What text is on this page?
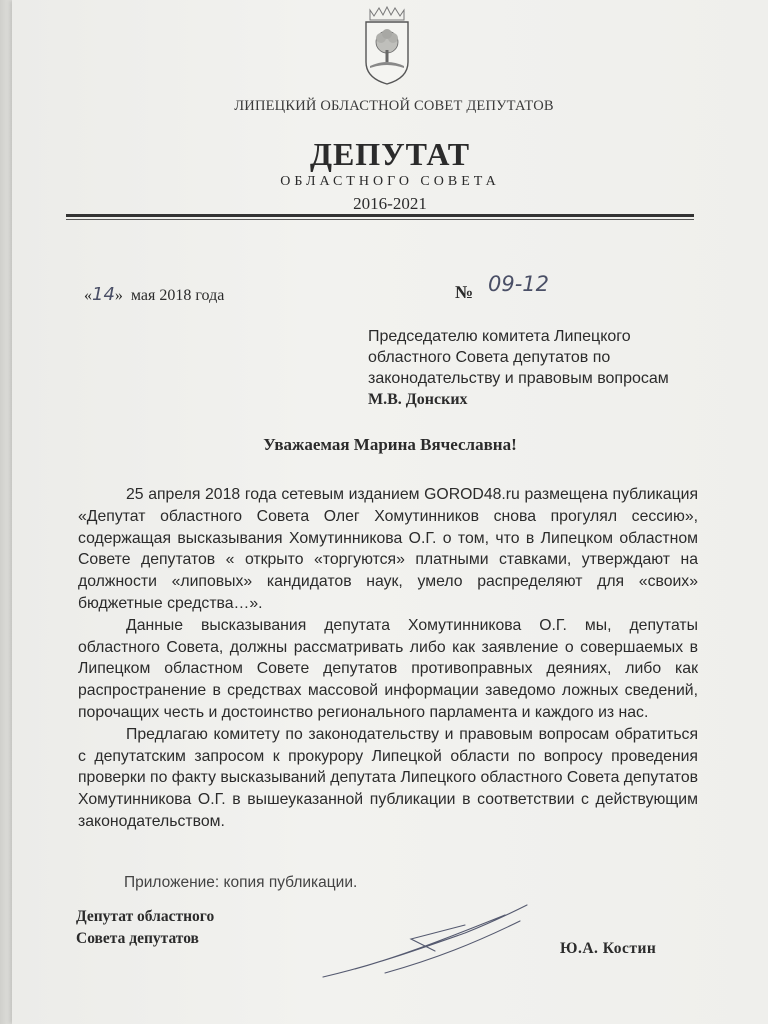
ЛИПЕЦКИЙ ОБЛАСТНОЙ СОВЕТ ДЕПУТАТОВ
ДЕПУТАТ
ОБЛАСТНОГО СОВЕТА
2016-2021
«14» мая 2018 года	№ 09-12
Председателю комитета Липецкого
областного Совета депутатов по
законодательству и правовым вопросам
М.В. Донских
Уважаемая Марина Вячеславна!

25 апреля 2018 года сетевым изданием GOROD48.ru размещена публикация «Депутат областного Совета Олег Хомутинников снова прогулял сессию», содержащая высказывания Хомутинникова О.Г. о том, что в Липецком областном Совете депутатов « открыто «торгуются» платными ставками, утверждают на должности «липовых» кандидатов наук, умело распределяют для «своих» бюджетные средства…».

Данные высказывания депутата Хомутинникова О.Г. мы, депутаты областного Совета, должны рассматривать либо как заявление о совершаемых в Липецком областном Совете депутатов противоправных деяниях, либо как распространение в средствах массовой информации заведомо ложных сведений, порочащих честь и достоинство регионального парламента и каждого из нас.

Предлагаю комитету по законодательству и правовым вопросам обратиться с депутатским запросом к прокурору Липецкой области по вопросу проведения проверки по факту высказываний депутата Липецкого областного Совета депутатов Хомутинникова О.Г. в вышеуказанной публикации в соответствии с действующим законодательством.

Приложение: копия публикации.
Депутат областного
Совета депутатов
Ю.А. Костин
